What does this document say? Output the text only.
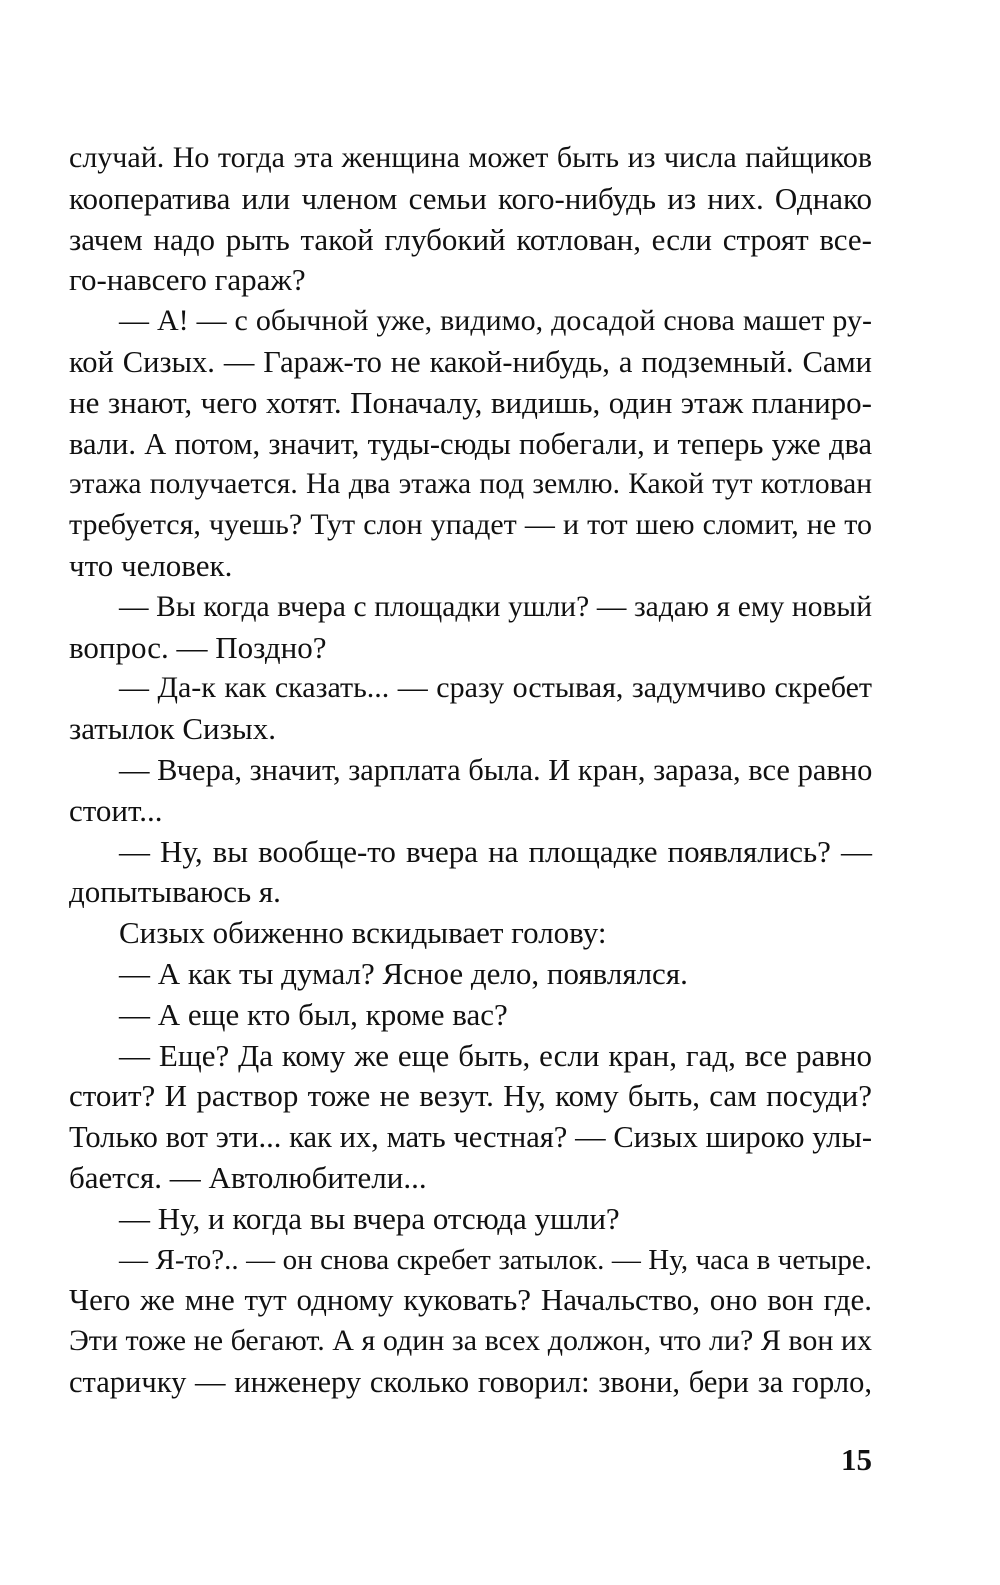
случай. Но тогда эта женщина может быть из числа пайщиков
кооператива или членом семьи кого-нибудь из них. Однако
зачем надо рыть такой глубокий котлован, если строят все-
го-навсего гараж?
— А! — с обычной уже, видимо, досадой снова машет ру-
кой Сизых. — Гараж-то не какой-нибудь, а подземный. Сами
не знают, чего хотят. Поначалу, видишь, один этаж планиро-
вали. А потом, значит, туды-сюды побегали, и теперь уже два
этажа получается. На два этажа под землю. Какой тут котлован
требуется, чуешь? Тут слон упадет — и тот шею сломит, не то
что человек.
— Вы когда вчера с площадки ушли? — задаю я ему новый
вопрос. — Поздно?
— Да-к как сказать... — сразу остывая, задумчиво скребет
затылок Сизых.
— Вчера, значит, зарплата была. И кран, зараза, все равно
стоит...
— Ну, вы вообще-то вчера на площадке появлялись? —
допытываюсь я.
Сизых обиженно вскидывает голову:
— А как ты думал? Ясное дело, появлялся.
— А еще кто был, кроме вас?
— Еще? Да кому же еще быть, если кран, гад, все равно
стоит? И раствор тоже не везут. Ну, кому быть, сам посуди?
Только вот эти... как их, мать честная? — Сизых широко улы-
бается. — Автолюбители...
— Ну, и когда вы вчера отсюда ушли?
— Я-то?.. — он снова скребет затылок. — Ну, часа в четыре.
Чего же мне тут одному куковать? Начальство, оно вон где.
Эти тоже не бегают. А я один за всех должон, что ли? Я вон их
старичку — инженеру сколько говорил: звони, бери за горло,
15
